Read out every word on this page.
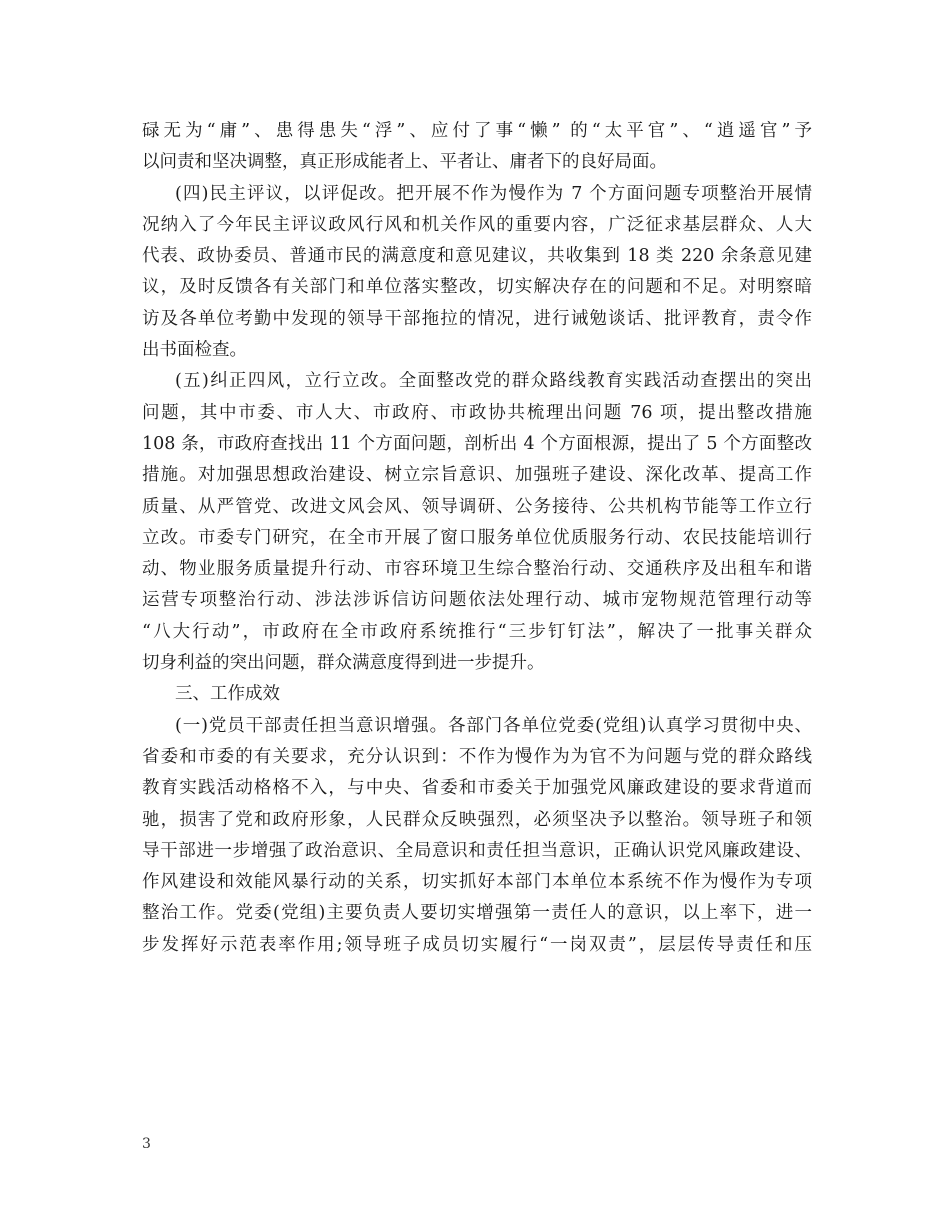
碌无为“庸”、患得患失“浮”、应付了事“懒” 的“太平官”、“逍遥官”予
以问责和坚决调整，真正形成能者上、平者让、庸者下的良好局面。
(四)民主评议，以评促改。把开展不作为慢作为 7 个方面问题专项整治开展情
况纳入了今年民主评议政风行风和机关作风的重要内容，广泛征求基层群众、人大
代表、政协委员、普通市民的满意度和意见建议，共收集到 18 类 220 余条意见建
议，及时反馈各有关部门和单位落实整改，切实解决存在的问题和不足。对明察暗
访及各单位考勤中发现的领导干部拖拉的情况，进行诫勉谈话、批评教育，责令作
出书面检查。
(五)纠正四风，立行立改。全面整改党的群众路线教育实践活动查摆出的突出
问题，其中市委、市人大、市政府、市政协共梳理出问题 76 项，提出整改措施
108 条，市政府查找出 11 个方面问题，剖析出 4 个方面根源，提出了 5 个方面整改
措施。对加强思想政治建设、树立宗旨意识、加强班子建设、深化改革、提高工作
质量、从严管党、改进文风会风、领导调研、公务接待、公共机构节能等工作立行
立改。市委专门研究，在全市开展了窗口服务单位优质服务行动、农民技能培训行
动、物业服务质量提升行动、市容环境卫生综合整治行动、交通秩序及出租车和谐
运营专项整治行动、涉法涉诉信访问题依法处理行动、城市宠物规范管理行动等
“八大行动”，市政府在全市政府系统推行“三步钉钉法”，解决了一批事关群众
切身利益的突出问题，群众满意度得到进一步提升。
三、工作成效
(一)党员干部责任担当意识增强。各部门各单位党委(党组)认真学习贯彻中央、
省委和市委的有关要求，充分认识到：不作为慢作为为官不为问题与党的群众路线
教育实践活动格格不入，与中央、省委和市委关于加强党风廉政建设的要求背道而
驰，损害了党和政府形象，人民群众反映强烈，必须坚决予以整治。领导班子和领
导干部进一步增强了政治意识、全局意识和责任担当意识，正确认识党风廉政建设、
作风建设和效能风暴行动的关系，切实抓好本部门本单位本系统不作为慢作为专项
整治工作。党委(党组)主要负责人要切实增强第一责任人的意识，以上率下，进一
步发挥好示范表率作用;领导班子成员切实履行“一岗双责”，层层传导责任和压
3
